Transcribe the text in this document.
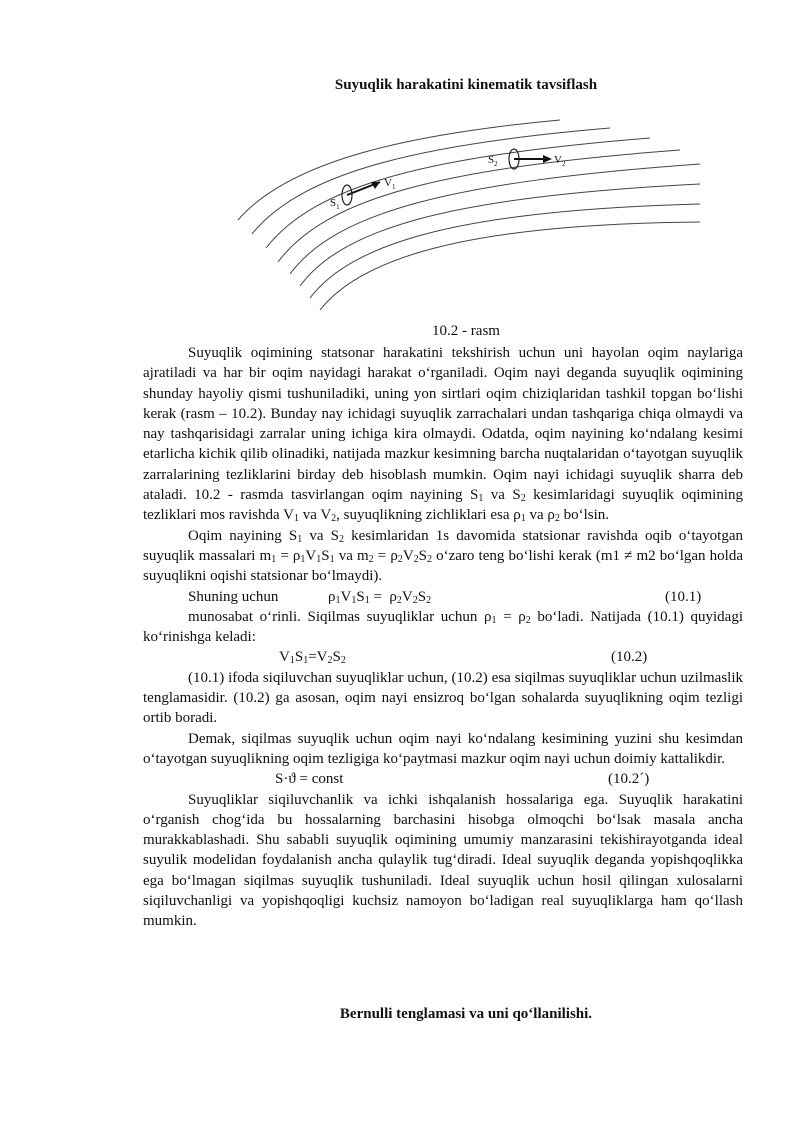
Suyuqlik harakatini kinematik tavsiflash
$S_1$
$V_1$
$S_2$	$V_2$
10.2 - rasm

Suyuqlik oqimining statsonar harakatini tekshirish uchun uni hayolan oqim naylariga ajratiladi va har bir oqim nayidagi harakat oʻrganiladi. Oqim nayi deganda suyuqlik oqimining shunday hayoliy qismi tushuniladiki, uning yon sirtlari oqim chiziqlaridan tashkil topgan boʻlishi kerak (rasm – 10.2). Bunday nay ichidagi suyuqlik zarrachalari undan tashqariga chiqa olmaydi va nay tashqarisidagi zarralar uning ichiga kira olmaydi. Odatda, oqim nayining koʻndalang kesimi etarlicha kichik qilib olinadiki, natijada mazkur kesimning barcha nuqtalaridan oʻtayotgan suyuqlik zarralarining tezliklarini birday deb hisoblash mumkin. Oqim nayi ichidagi suyuqlik sharra deb ataladi. 10.2 - rasmda tasvirlangan oqim nayining $S_1$ va $S_2$ kesimlaridagi suyuqlik oqimining tezliklari mos ravishda $V_1$ va $V_2$, suyuqlikning zichliklari esa $\rho_1$ va $\rho_2$ boʻlsin.

Oqim nayining $S_1$ va $S_2$ kesimlaridan 1s davomida statsionar ravishda oqib oʻtayotgan suyuqlik massalari $m_1 = \rho_1V_1S_1$ va $m_2 = \rho_2V_2S_2$ oʻzaro teng boʻlishi kerak (m1 ≠ m2 boʻlgan holda suyuqlikni oqishi statsionar boʻlmaydi).

Shuning uchun	$\rho_1V_1S_1 = \rho_2V_2S_2$	(10.1)

munosabat oʻrinli. Siqilmas suyuqliklar uchun $\rho_1 = \rho_2$ boʻladi. Natijada (10.1) quyidagi koʻrinishga keladi:

$V_1S_1=V_2S_2$	(10.2)

(10.1) ifoda siqiluvchan suyuqliklar uchun, (10.2) esa siqilmas suyuqliklar uchun uzilmaslik tenglamasidir. (10.2) ga asosan, oqim nayi ensizroq boʻlgan sohalarda suyuqlikning oqim tezligi ortib boradi.

Demak, siqilmas suyuqlik uchun oqim nayi koʻndalang kesimining yuzini shu kesimdan oʻtayotgan suyuqlikning oqim tezligiga koʻpaytmasi mazkur oqim nayi uchun doimiy kattalikdir.

S·ϑ = const	(10.2´)

Suyuqliklar siqiluvchanlik va ichki ishqalanish hossalariga ega. Suyuqlik harakatini oʻrganish chogʻida bu hossalarning barchasini hisobga olmoqchi boʻlsak masala ancha murakkablashadi. Shu sababli suyuqlik oqimining umumiy manzarasini tekishirayotganda ideal suyulik modelidan foydalanish ancha qulaylik tugʻdiradi. Ideal suyuqlik deganda yopishqoqlikka ega boʻlmagan siqilmas suyuqlik tushuniladi. Ideal suyuqlik uchun hosil qilingan xulosalarni siqiluvchanligi va yopishqoqligi kuchsiz namoyon boʻladigan real suyuqliklarga ham qoʻllash mumkin.

Bernulli tenglamasi va uni qoʻllanilishi.
